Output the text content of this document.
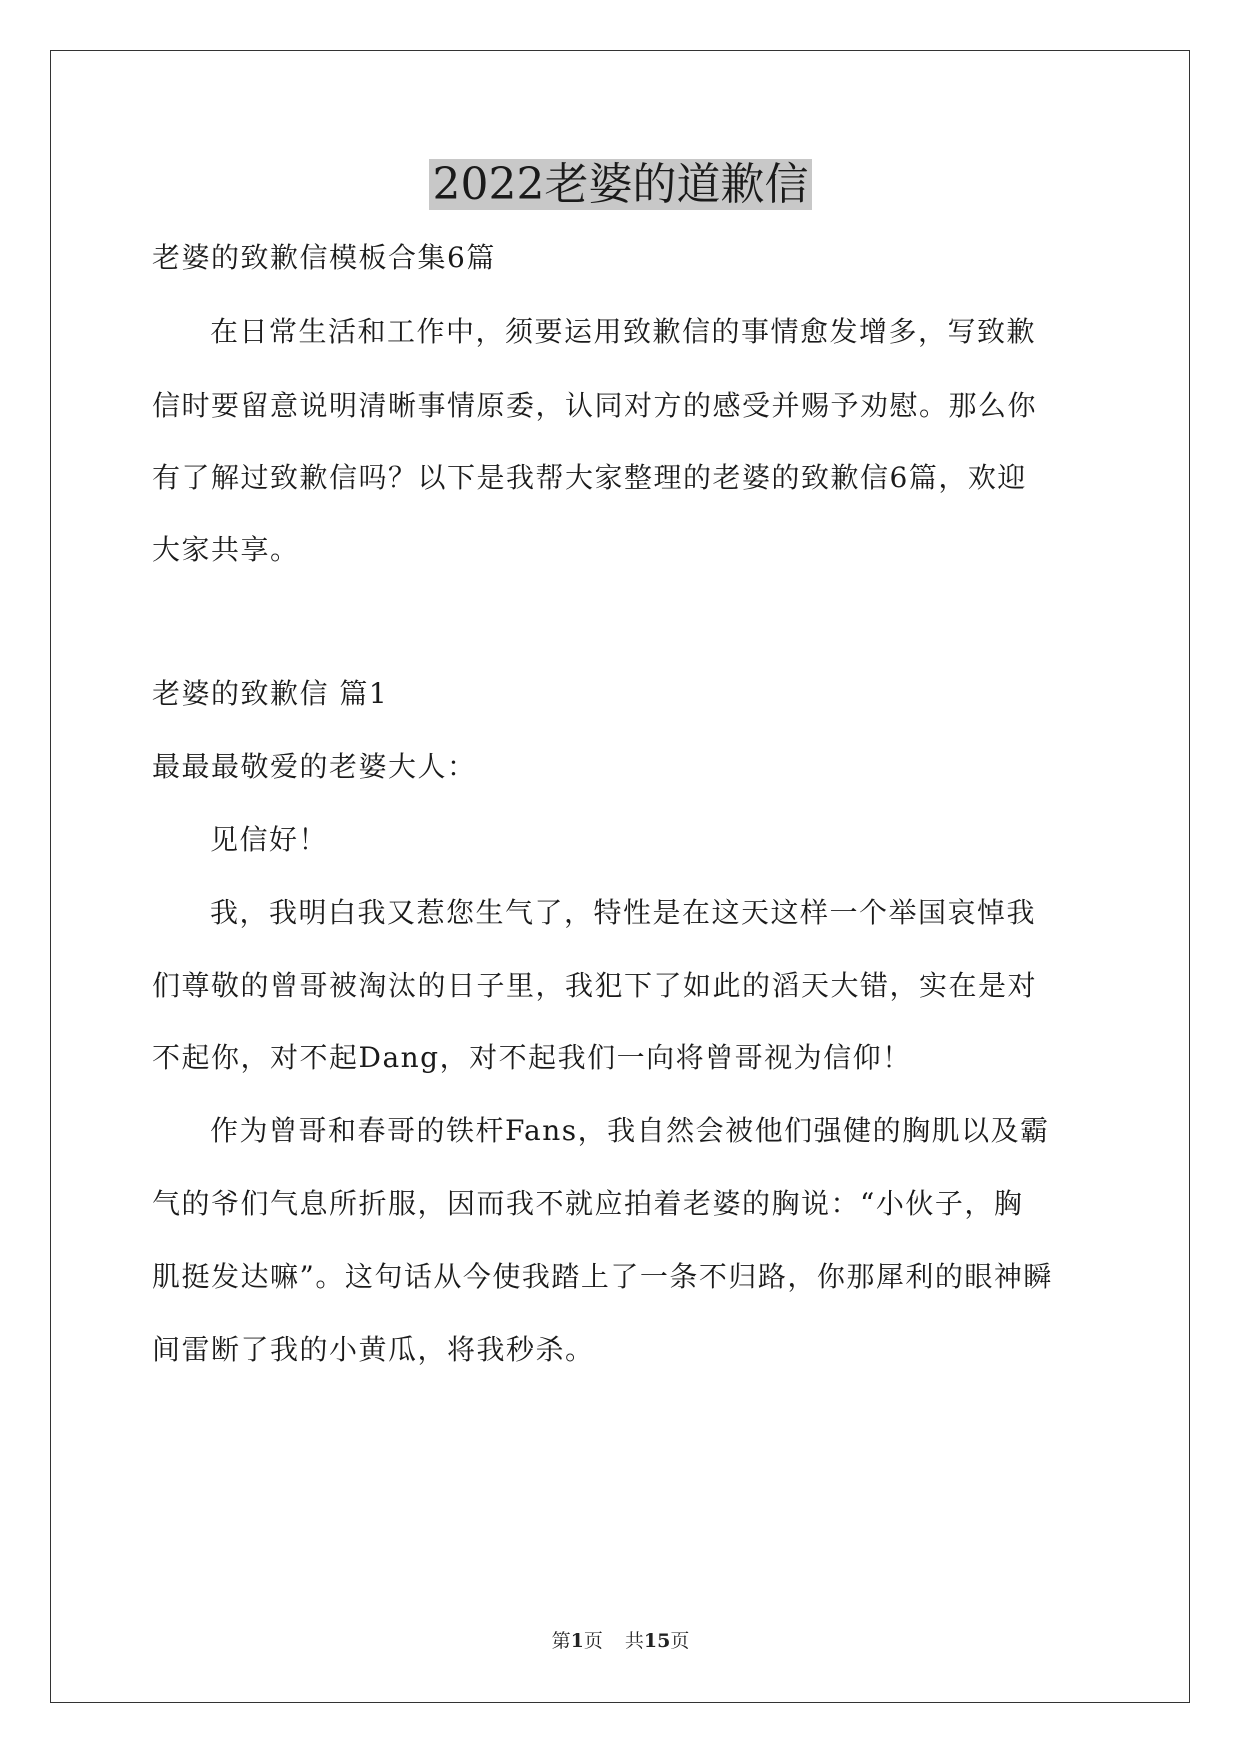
2022老婆的道歉信
老婆的致歉信模板合集6篇
在日常生活和工作中，须要运用致歉信的事情愈发增多，写致歉
信时要留意说明清晰事情原委，认同对方的感受并赐予劝慰。那么你
有了解过致歉信吗？以下是我帮大家整理的老婆的致歉信6篇，欢迎
大家共享。
老婆的致歉信 篇1
最最最敬爱的老婆大人：
见信好！
我，我明白我又惹您生气了，特性是在这天这样一个举国哀悼我
们尊敬的曾哥被淘汰的日子里，我犯下了如此的滔天大错，实在是对
不起你，对不起Dang，对不起我们一向将曾哥视为信仰！
作为曾哥和春哥的铁杆Fans，我自然会被他们强健的胸肌以及霸
气的爷们气息所折服，因而我不就应拍着老婆的胸说：“小伙子，胸
肌挺发达嘛”。这句话从今使我踏上了一条不归路，你那犀利的眼神瞬
间雷断了我的小黄瓜，将我秒杀。
第1页 共15页
